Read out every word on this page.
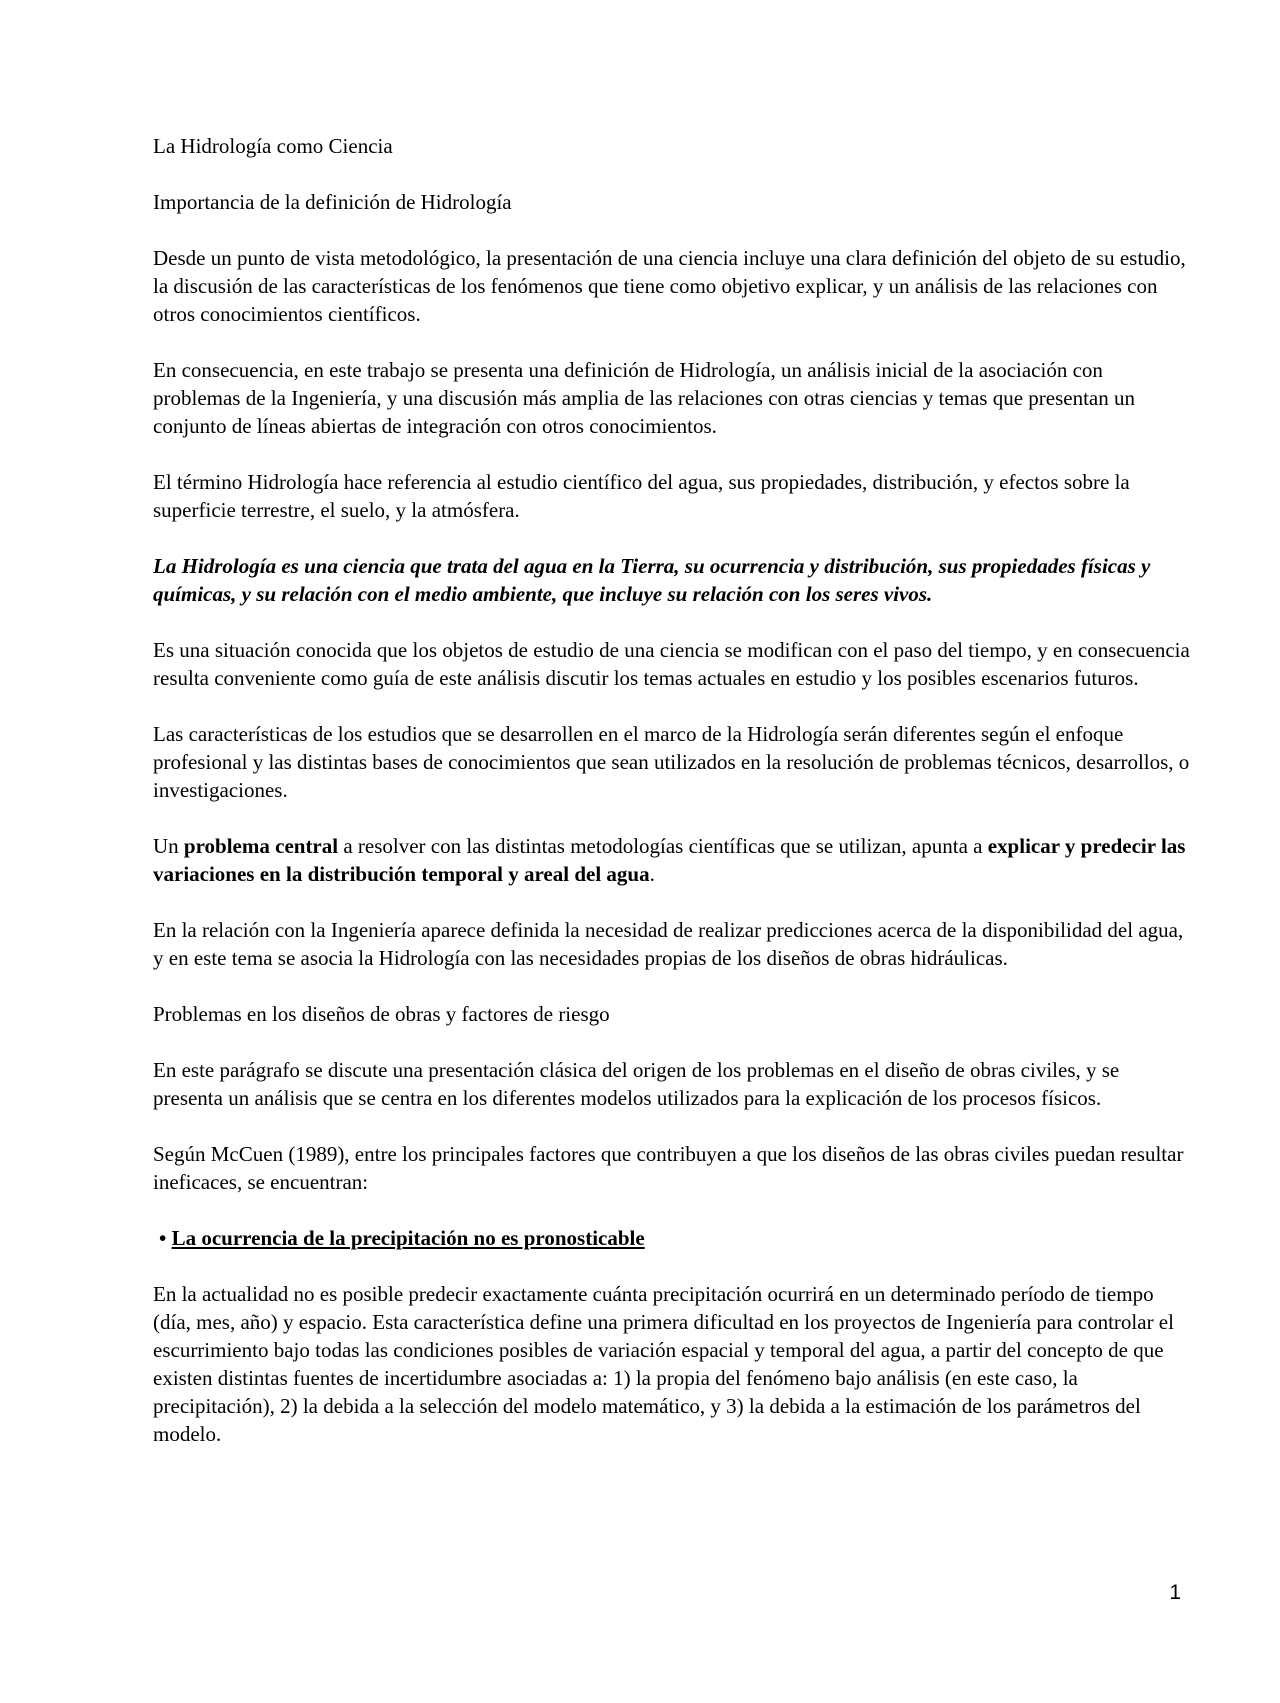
La Hidrología como Ciencia

Importancia de la definición de Hidrología

Desde un punto de vista metodológico, la presentación de una ciencia incluye una clara definición del objeto de su estudio, la discusión de las características de los fenómenos que tiene como objetivo explicar, y un análisis de las relaciones con otros conocimientos científicos.

En consecuencia, en este trabajo se presenta una definición de Hidrología, un análisis inicial de la asociación con problemas de la Ingeniería, y una discusión más amplia de las relaciones con otras ciencias y temas que presentan un conjunto de líneas abiertas de integración con otros conocimientos.

El término Hidrología hace referencia al estudio científico del agua, sus propiedades, distribución, y efectos sobre la superficie terrestre, el suelo, y la atmósfera.

La Hidrología es una ciencia que trata del agua en la Tierra, su ocurrencia y distribución, sus propiedades físicas y químicas, y su relación con el medio ambiente, que incluye su relación con los seres vivos.

Es una situación conocida que los objetos de estudio de una ciencia se modifican con el paso del tiempo, y en consecuencia resulta conveniente como guía de este análisis discutir los temas actuales en estudio y los posibles escenarios futuros.

Las características de los estudios que se desarrollen en el marco de la Hidrología serán diferentes según el enfoque profesional y las distintas bases de conocimientos que sean utilizados en la resolución de problemas técnicos, desarrollos, o investigaciones.

Un problema central a resolver con las distintas metodologías científicas que se utilizan, apunta a explicar y predecir las variaciones en la distribución temporal y areal del agua.

En la relación con la Ingeniería aparece definida la necesidad de realizar predicciones acerca de la disponibilidad del agua, y en este tema se asocia la Hidrología con las necesidades propias de los diseños de obras hidráulicas.

Problemas en los diseños de obras y factores de riesgo

En este parágrafo se discute una presentación clásica del origen de los problemas en el diseño de obras civiles, y se presenta un análisis que se centra en los diferentes modelos utilizados para la explicación de los procesos físicos.

Según McCuen (1989), entre los principales factores que contribuyen a que los diseños de las obras civiles puedan resultar ineficaces, se encuentran:

• La ocurrencia de la precipitación no es pronosticable

En la actualidad no es posible predecir exactamente cuánta precipitación ocurrirá en un determinado período de tiempo (día, mes, año) y espacio. Esta característica define una primera dificultad en los proyectos de Ingeniería para controlar el escurrimiento bajo todas las condiciones posibles de variación espacial y temporal del agua, a partir del concepto de que existen distintas fuentes de incertidumbre asociadas a: 1) la propia del fenómeno bajo análisis (en este caso, la precipitación), 2) la debida a la selección del modelo matemático, y 3) la debida a la estimación de los parámetros del modelo.

1
